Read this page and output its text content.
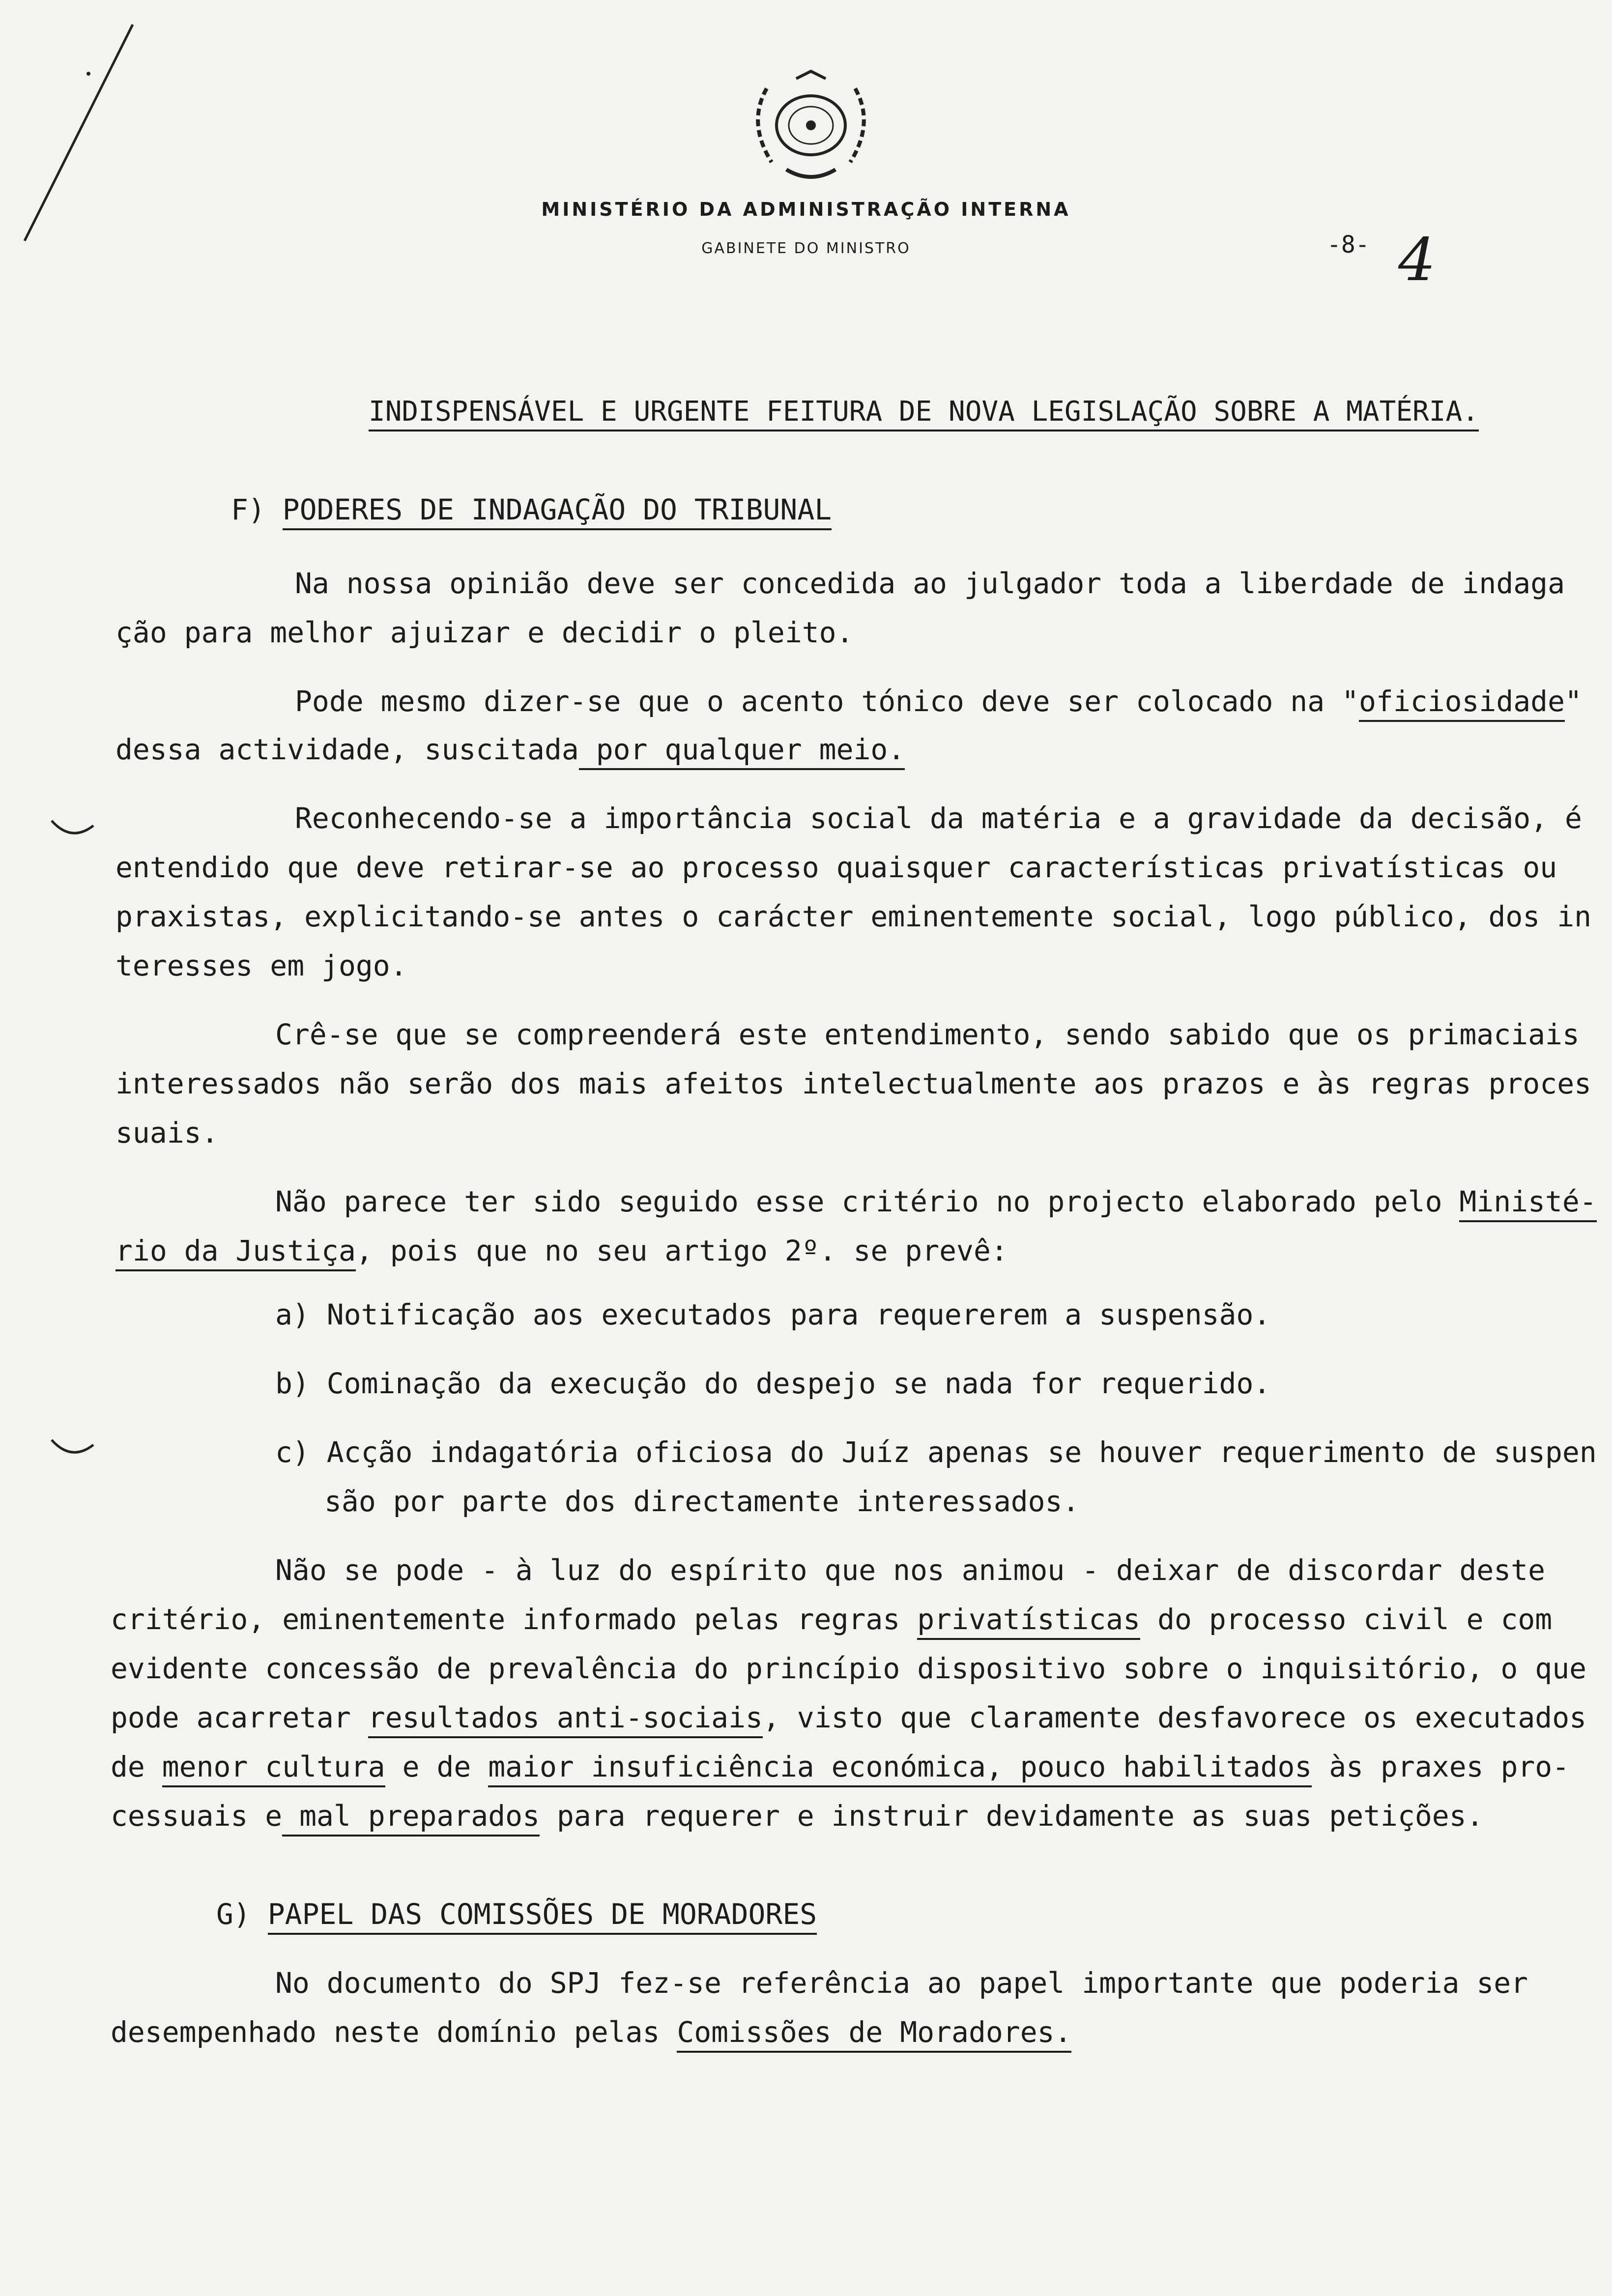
MINISTÉRIO DA ADMINISTRAÇÃO INTERNA
GABINETE DO MINISTRO	-8- 4
INDISPENSÁVEL E URGENTE FEITURA DE NOVA LEGISLAÇÃO SOBRE A MATÉRIA.
F) PODERES DE INDAGAÇÃO DO TRIBUNAL
Na nossa opinião deve ser concedida ao julgador toda a liberdade de indaga
ção para melhor ajuizar e decidir o pleito.
Pode mesmo dizer-se que o acento tónico deve ser colocado na "oficiosidade"
dessa actividade, suscitada por qualquer meio.
Reconhecendo-se a importância social da matéria e a gravidade da decisão, é
entendido que deve retirar-se ao processo quaisquer características privatísticas ou
praxistas, explicitando-se antes o carácter eminentemente social, logo público, dos in
teresses em jogo.
Crê-se que se compreenderá este entendimento, sendo sabido que os primaciais
interessados não serão dos mais afeitos intelectualmente aos prazos e às regras proces
suais.
Não parece ter sido seguido esse critério no projecto elaborado pelo Ministé-
rio da Justiça, pois que no seu artigo 2º. se prevê:
a) Notificação aos executados para requererem a suspensão.
b) Cominação da execução do despejo se nada for requerido.
c) Acção indagatória oficiosa do Juíz apenas se houver requerimento de suspen
são por parte dos directamente interessados.
Não se pode - à luz do espírito que nos animou - deixar de discordar deste
critério, eminentemente informado pelas regras privatísticas do processo civil e com
evidente concessão de prevalência do princípio dispositivo sobre o inquisitório, o que
pode acarretar resultados anti-sociais, visto que claramente desfavorece os executados
de menor cultura e de maior insuficiência económica, pouco habilitados às praxes pro-
cessuais e mal preparados para requerer e instruir devidamente as suas petições.
G) PAPEL DAS COMISSÕES DE MORADORES
No documento do SPJ fez-se referência ao papel importante que poderia ser
desempenhado neste domínio pelas Comissões de Moradores.
